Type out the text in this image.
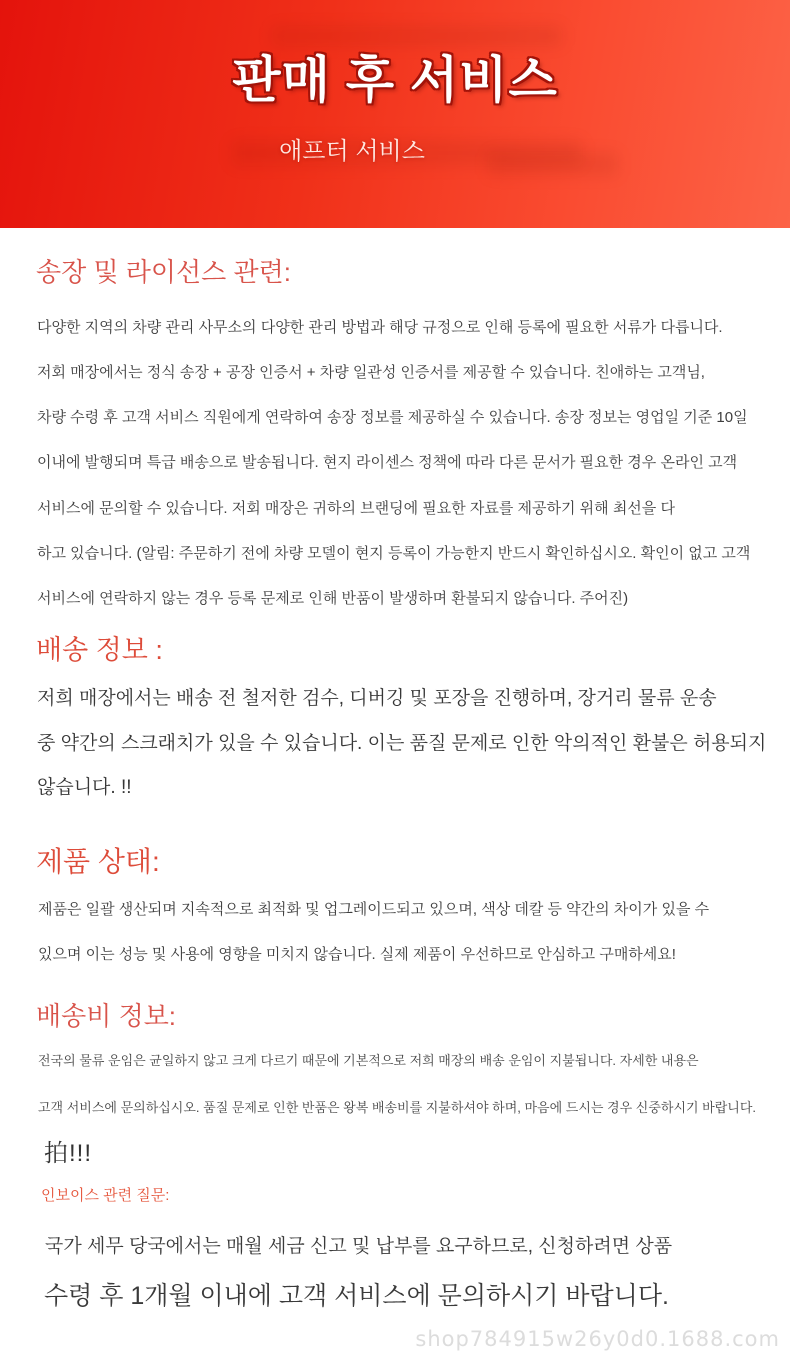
판매 후 서비스
애프터 서비스
송장 및 라이선스 관련:
다양한 지역의 차량 관리 사무소의 다양한 관리 방법과 해당 규정으로 인해 등록에 필요한 서류가 다릅니다.
저회 매장에서는 정식 송장 + 공장 인증서 + 차량 일관성 인증서를 제공할 수 있습니다. 친애하는 고객님,
차량 수령 후 고객 서비스 직원에게 연락하여 송장 정보를 제공하실 수 있습니다. 송장 정보는 영업일 기준 10일
이내에 발행되며 특급 배송으로 발송됩니다. 현지 라이센스 정책에 따라 다른 문서가 필요한 경우 온라인 고객
서비스에 문의할 수 있습니다. 저회 매장은 귀하의 브랜딩에 필요한 자료를 제공하기 위해 최선을 다
하고 있습니다. (알림: 주문하기 전에 차량 모델이 현지 등록이 가능한지 반드시 확인하십시오. 확인이 없고 고객
서비스에 연락하지 않는 경우 등록 문제로 인해 반품이 발생하며 환불되지 않습니다. 주어진)
배송 정보 :
저희 매장에서는 배송 전 철저한 검수, 디버깅 및 포장을 진행하며, 장거리 물류 운송
중 약간의 스크래치가 있을 수 있습니다. 이는 품질 문제로 인한 악의적인 환불은 허용되지
않습니다. !!
제품 상태:
제품은 일괄 생산되며 지속적으로 최적화 및 업그레이드되고 있으며, 색상 데칼 등 약간의 차이가 있을 수
있으며 이는 성능 및 사용에 영향을 미치지 않습니다. 실제 제품이 우선하므로 안심하고 구매하세요!
배송비 정보:
전국의 물류 운임은 균일하지 않고 크게 다르기 때문에 기본적으로 저희 매장의 배송 운임이 지불됩니다. 자세한 내용은
고객 서비스에 문의하십시오. 품질 문제로 인한 반품은 왕복 배송비를 지불하셔야 하며, 마음에 드시는 경우 신중하시기 바랍니다.
拍!!!
인보이스 관련 질문:
국가 세무 당국에서는 매월 세금 신고 및 납부를 요구하므로, 신청하려면 상품
수령 후 1개월 이내에 고객 서비스에 문의하시기 바랍니다.
shop784915w26y0d0.1688.com
